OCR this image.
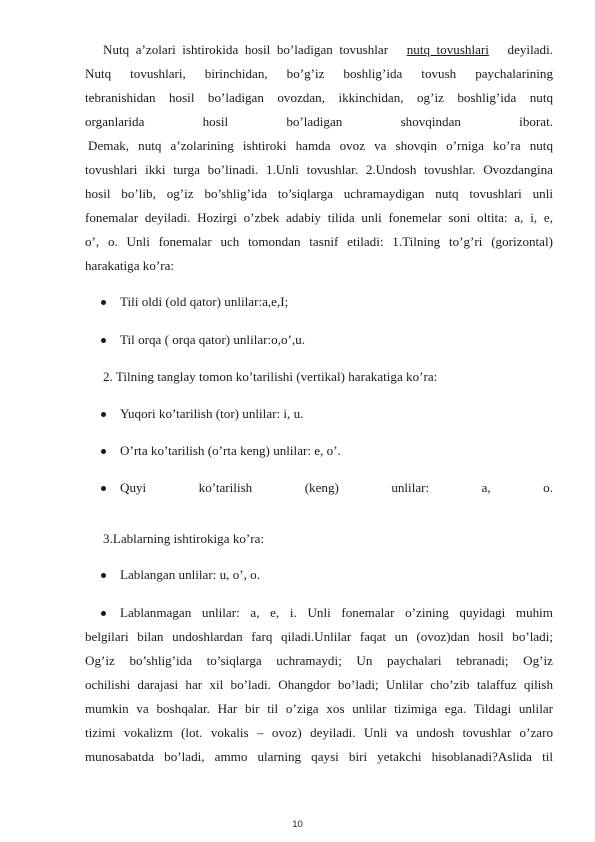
Nutq  a’zolari  ishtirokida  hosil  bo’ladigan  tovushlar nutq  tovushlari deyiladi.
Nutq tovushlari, birinchidan, bo’g’iz boshlig’ida tovush paychalarining
tebranishidan hosil bo’ladigan ovozdan, ikkinchidan, og’iz boshlig’ida nutq
organlarida hosil bo’ladigan shovqindan iborat.
Demak, nutq a’zolarining ishtiroki hamda ovoz va shovqin o’rniga ko’ra nutq
tovushlari ikki turga bo’linadi. 1.Unli tovushlar. 2.Undosh tovushlar. Ovozdangina
hosil bo’lib, og’iz bo’shlig’ida to’siqlarga uchramaydigan nutq tovushlari unli
fonemalar deyiladi. Hozirgi o’zbek adabiy tilida unli fonemelar soni oltita: a, i, e,
o’, o. Unli fonemalar uch tomondan tasnif etiladi: 1.Tilning to’g’ri (gorizontal)
harakatiga ko’ra:
Tili oldi (old qator) unlilar:a,e,I;
Til orqa ( orqa qator) unlilar:o,o’,u.
2. Tilning tanglay tomon ko’tarilishi (vertikal) harakatiga ko’ra:
Yuqori ko’tarilish (tor) unlilar: i, u.
O’rta ko’tarilish (o’rta keng) unlilar: e, o’.
Quyi	ko’tarilish	(keng)	unlilar:	a,	o.
3.Lablarning ishtirokiga ko’ra:
Lablangan unlilar: u, o’, o.
Lablanmagan unlilar: a, e, i. Unli fonemalar o’zining quyidagi muhim
belgilari bilan undoshlardan farq qiladi.Unlilar faqat un (ovoz)dan hosil bo’ladi;
Og’iz bo’shlig’ida to’siqlarga uchramaydi; Un paychalari tebranadi; Og’iz
ochilishi darajasi har xil bo’ladi. Ohangdor bo’ladi; Unlilar cho’zib talaffuz qilish
mumkin va boshqalar. Har bir til o’ziga xos unlilar tizimiga ega. Tildagi unlilar
tizimi vokalizm (lot. vokalis – ovoz) deyiladi. Unli va undosh tovushlar o’zaro
munosabatda bo’ladi, ammo ularning qaysi biri yetakchi hisoblanadi?Aslida til
10
